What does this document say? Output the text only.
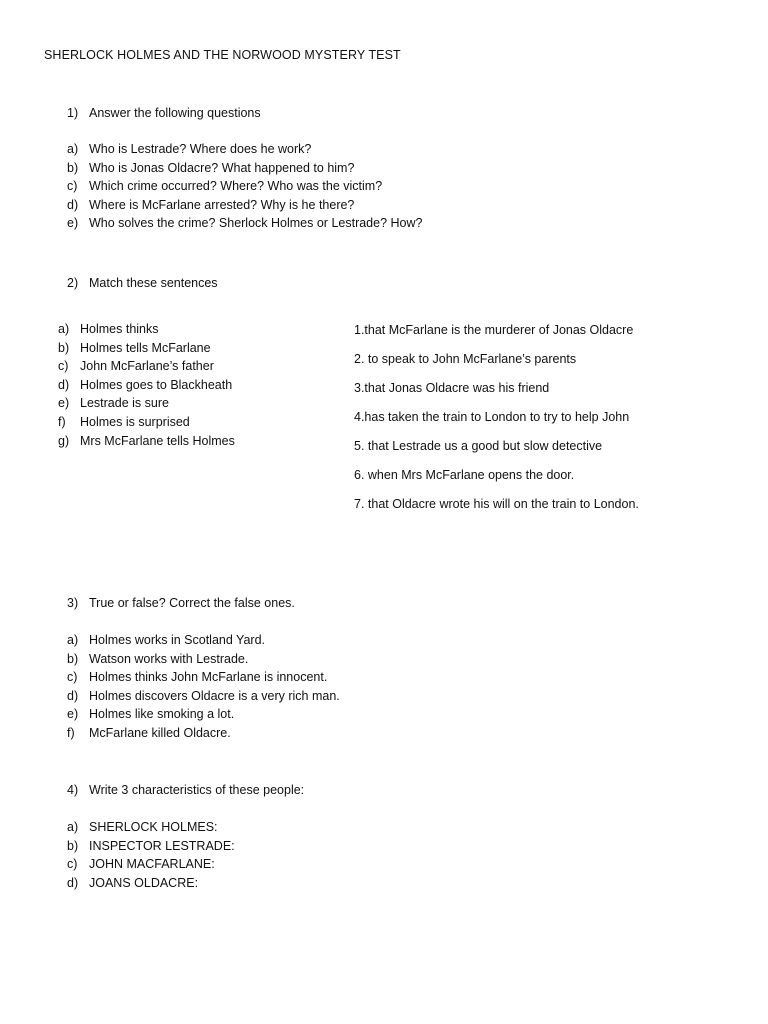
SHERLOCK HOLMES AND THE NORWOOD MYSTERY TEST
1) Answer the following questions
a) Who is Lestrade? Where does he work?
b) Who is Jonas Oldacre? What happened to him?
c) Which crime occurred? Where? Who was the victim?
d) Where is McFarlane arrested? Why is he there?
e) Who solves the crime? Sherlock Holmes or Lestrade? How?
2) Match these sentences
a) Holmes thinks
b) Holmes tells McFarlane
c) John McFarlane’s father
d) Holmes goes to Blackheath
e) Lestrade is sure
f) Holmes is surprised
g) Mrs McFarlane tells Holmes
1.that McFarlane is the murderer of Jonas Oldacre
2. to speak to John McFarlane’s parents
3.that Jonas Oldacre was his friend
4.has taken the train to London to try to help John
5. that Lestrade us a good but slow detective
6. when Mrs McFarlane opens the door.
7. that Oldacre wrote his will on the train to London.
3) True or false? Correct the false ones.
a) Holmes works in Scotland Yard.
b) Watson works with Lestrade.
c) Holmes thinks John McFarlane is innocent.
d) Holmes discovers Oldacre is a very rich man.
e) Holmes like smoking a lot.
f) McFarlane killed Oldacre.
4) Write 3 characteristics of these people:
a) SHERLOCK HOLMES:
b) INSPECTOR LESTRADE:
c) JOHN MACFARLANE:
d) JOANS OLDACRE:
